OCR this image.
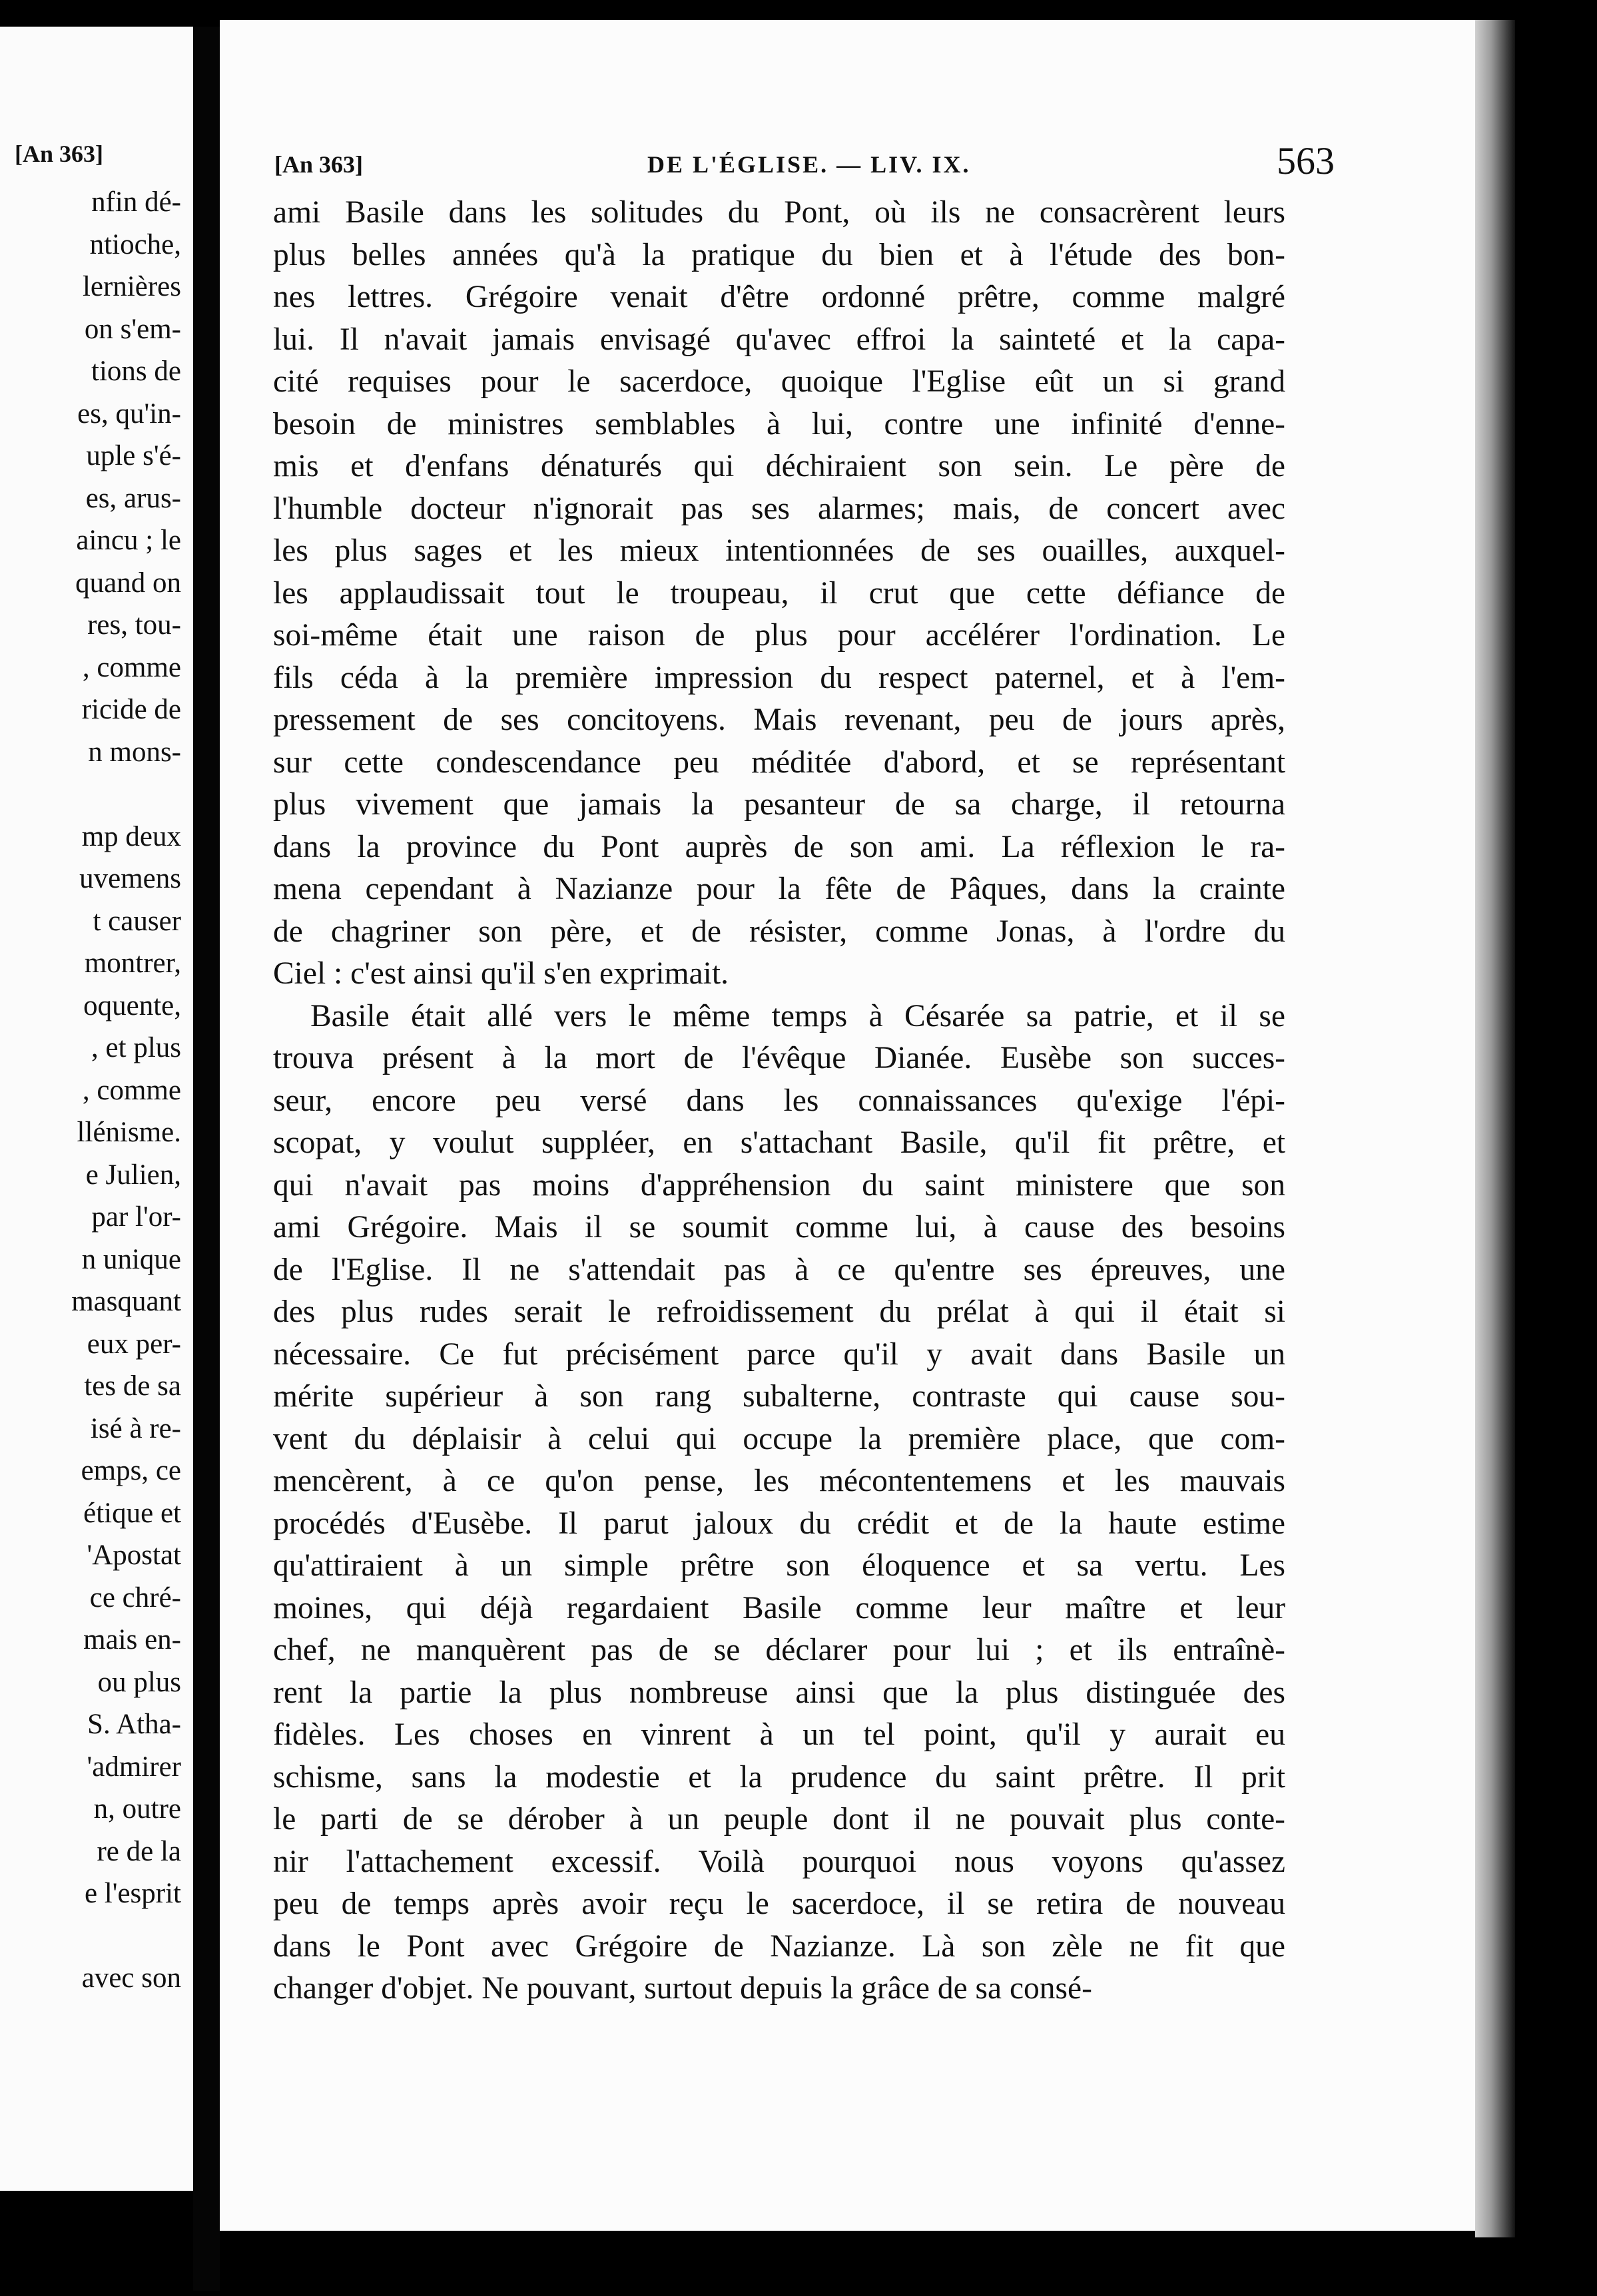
[An 363]
nfin dé-
ntioche,
lernières
on s'em-
tions de
es, qu'in-
uple s'é-
es, arus-
aincu ; le
quand on
res, tou-
, comme
ricide de
n mons-
mp deux
uvemens
t causer
montrer,
oquente,
, et plus
, comme
llénisme.
e Julien,
par l'or-
n unique
masquant
eux per-
tes de sa
isé à re-
emps, ce
étique et
'Apostat
ce chré-
mais en-
ou plus
S. Atha-
'admirer
n, outre
re de la
e l'esprit
avec son
[An 363]	DE L'ÉGLISE. — LIV. IX.	563
ami Basile dans les solitudes du Pont, où ils ne consacrèrent leurs
plus belles années qu'à la pratique du bien et à l'étude des bon-
nes lettres. Grégoire venait d'être ordonné prêtre, comme malgré
lui. Il n'avait jamais envisagé qu'avec effroi la sainteté et la capa-
cité requises pour le sacerdoce, quoique l'Eglise eût un si grand
besoin de ministres semblables à lui, contre une infinité d'enne-
mis et d'enfans dénaturés qui déchiraient son sein. Le père de
l'humble docteur n'ignorait pas ses alarmes; mais, de concert avec
les plus sages et les mieux intentionnées de ses ouailles, auxquel-
les applaudissait tout le troupeau, il crut que cette défiance de
soi-même était une raison de plus pour accélérer l'ordination. Le
fils céda à la première impression du respect paternel, et à l'em-
pressement de ses concitoyens. Mais revenant, peu de jours après,
sur cette condescendance peu méditée d'abord, et se représentant
plus vivement que jamais la pesanteur de sa charge, il retourna
dans la province du Pont auprès de son ami. La réflexion le ra-
mena cependant à Nazianze pour la fête de Pâques, dans la crainte
de chagriner son père, et de résister, comme Jonas, à l'ordre du
Ciel : c'est ainsi qu'il s'en exprimait.
Basile était allé vers le même temps à Césarée sa patrie, et il se
trouva présent à la mort de l'évêque Dianée. Eusèbe son succes-
seur, encore peu versé dans les connaissances qu'exige l'épi-
scopat, y voulut suppléer, en s'attachant Basile, qu'il fit prêtre, et
qui n'avait pas moins d'appréhension du saint ministere que son
ami Grégoire. Mais il se soumit comme lui, à cause des besoins
de l'Eglise. Il ne s'attendait pas à ce qu'entre ses épreuves, une
des plus rudes serait le refroidissement du prélat à qui il était si
nécessaire. Ce fut précisément parce qu'il y avait dans Basile un
mérite supérieur à son rang subalterne, contraste qui cause sou-
vent du déplaisir à celui qui occupe la première place, que com-
mencèrent, à ce qu'on pense, les mécontentemens et les mauvais
procédés d'Eusèbe. Il parut jaloux du crédit et de la haute estime
qu'attiraient à un simple prêtre son éloquence et sa vertu. Les
moines, qui déjà regardaient Basile comme leur maître et leur
chef, ne manquèrent pas de se déclarer pour lui ; et ils entraînè-
rent la partie la plus nombreuse ainsi que la plus distinguée des
fidèles. Les choses en vinrent à un tel point, qu'il y aurait eu
schisme, sans la modestie et la prudence du saint prêtre. Il prit
le parti de se dérober à un peuple dont il ne pouvait plus conte-
nir l'attachement excessif. Voilà pourquoi nous voyons qu'assez
peu de temps après avoir reçu le sacerdoce, il se retira de nouveau
dans le Pont avec Grégoire de Nazianze. Là son zèle ne fit que
changer d'objet. Ne pouvant, surtout depuis la grâce de sa consé-
